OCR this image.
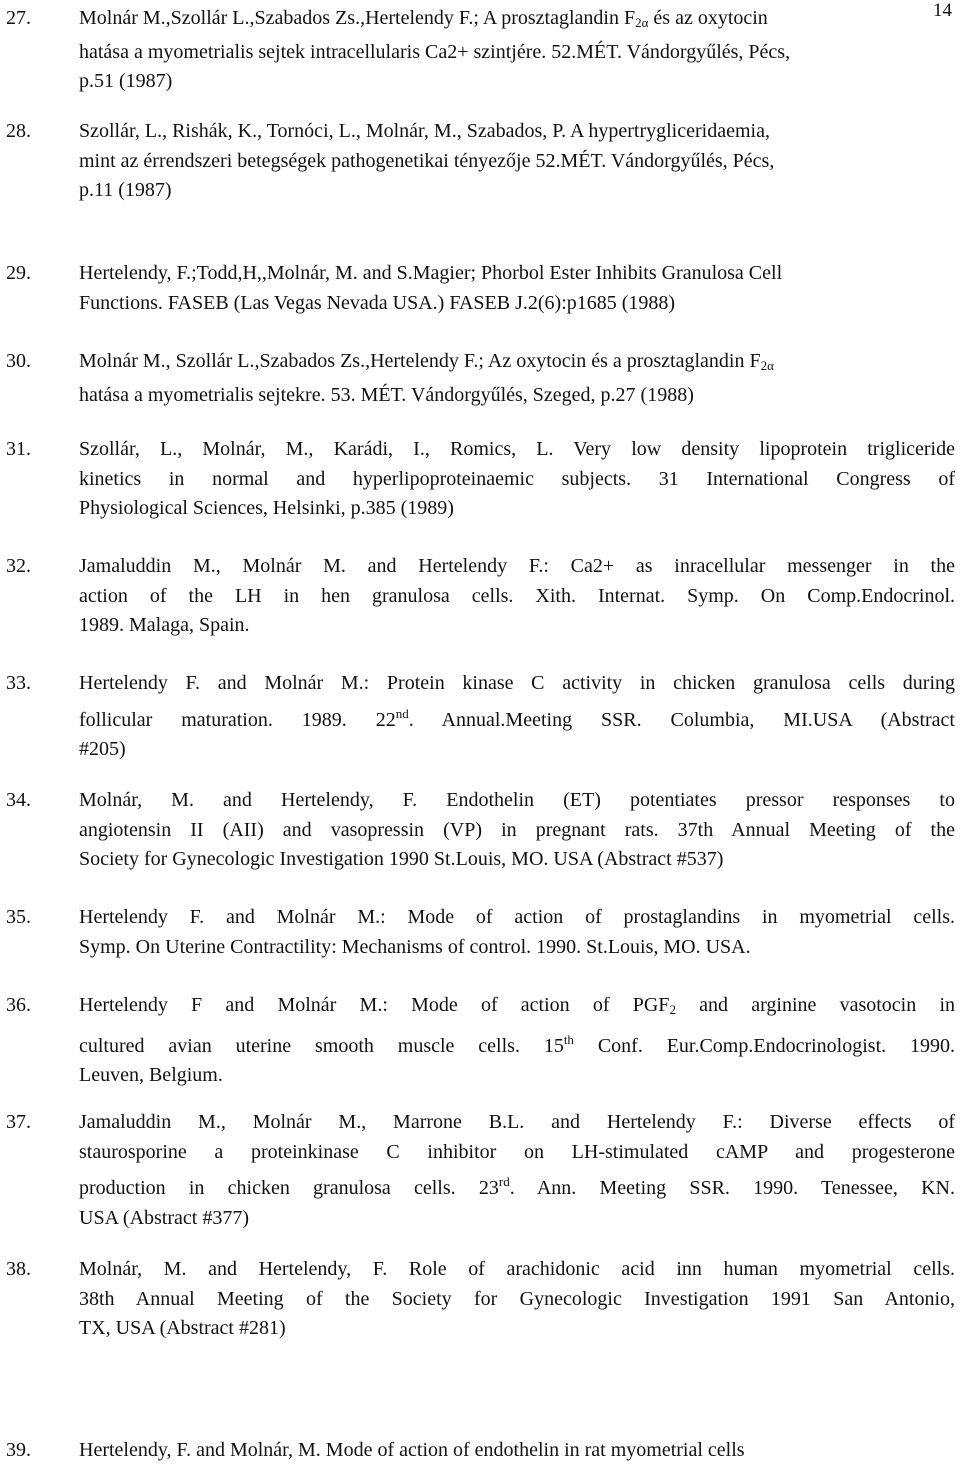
14
27. Molnár M.,Szollár L.,Szabados Zs.,Hertelendy F.; A prosztaglandin $F_{2\alpha}$ és az oxytocin
hatása a myometrialis sejtek intracellularis Ca2+ szintjére. 52.MÉT. Vándorgyűlés, Pécs,
p.51 (1987)
28. Szollár, L., Rishák, K., Tornóci, L., Molnár, M., Szabados, P. A hypertrygliceridaemia,
mint az érrendszeri betegségek pathogenetikai tényezője 52.MÉT. Vándorgyűlés, Pécs,
p.11 (1987)
29. Hertelendy, F.;Todd,H,,Molnár, M. and S.Magier; Phorbol Ester Inhibits Granulosa Cell
Functions. FASEB (Las Vegas Nevada USA.) FASEB J.2(6):p1685 (1988)
30. Molnár M., Szollár L.,Szabados Zs.,Hertelendy F.; Az oxytocin és a prosztaglandin $F_{2\alpha}$
hatása a myometrialis sejtekre. 53. MÉT. Vándorgyűlés, Szeged, p.27 (1988)
31. Szollár, L., Molnár, M., Karádi, I., Romics, L. Very low density lipoprotein trigliceride
kinetics in normal and hyperlipoproteinaemic subjects. 31 International Congress of
Physiological Sciences, Helsinki, p.385 (1989)
32. Jamaluddin M., Molnár M. and Hertelendy F.: Ca2+ as inracellular messenger in the
action of the LH in hen granulosa cells. Xith. Internat. Symp. On Comp.Endocrinol.
1989. Malaga, Spain.
33. Hertelendy F. and Molnár M.: Protein kinase C activity in chicken granulosa cells during
follicular maturation. 1989. 22nd. Annual.Meeting SSR. Columbia, MI.USA (Abstract
#205)
34. Molnár, M. and Hertelendy, F. Endothelin (ET) potentiates pressor responses to
angiotensin II (AII) and vasopressin (VP) in pregnant rats. 37th Annual Meeting of the
Society for Gynecologic Investigation 1990 St.Louis, MO. USA (Abstract #537)
35. Hertelendy F. and Molnár M.: Mode of action of prostaglandins in myometrial cells.
Symp. On Uterine Contractility: Mechanisms of control. 1990. St.Louis, MO. USA.
36. Hertelendy F and Molnár M.: Mode of action of $PGF_2$ and arginine vasotocin in
cultured avian uterine smooth muscle cells. 15th Conf. Eur.Comp.Endocrinologist. 1990.
Leuven, Belgium.
37. Jamaluddin M., Molnár M., Marrone B.L. and Hertelendy F.: Diverse effects of
staurosporine a proteinkinase C inhibitor on LH-stimulated cAMP and progesterone
production in chicken granulosa cells. 23rd. Ann. Meeting SSR. 1990. Tenessee, KN.
USA (Abstract #377)
38. Molnár, M. and Hertelendy, F. Role of arachidonic acid inn human myometrial cells.
38th Annual Meeting of the Society for Gynecologic Investigation 1991 San Antonio,
TX, USA (Abstract #281)
39. Hertelendy, F. and Molnár, M. Mode of action of endothelin in rat myometrial cells
